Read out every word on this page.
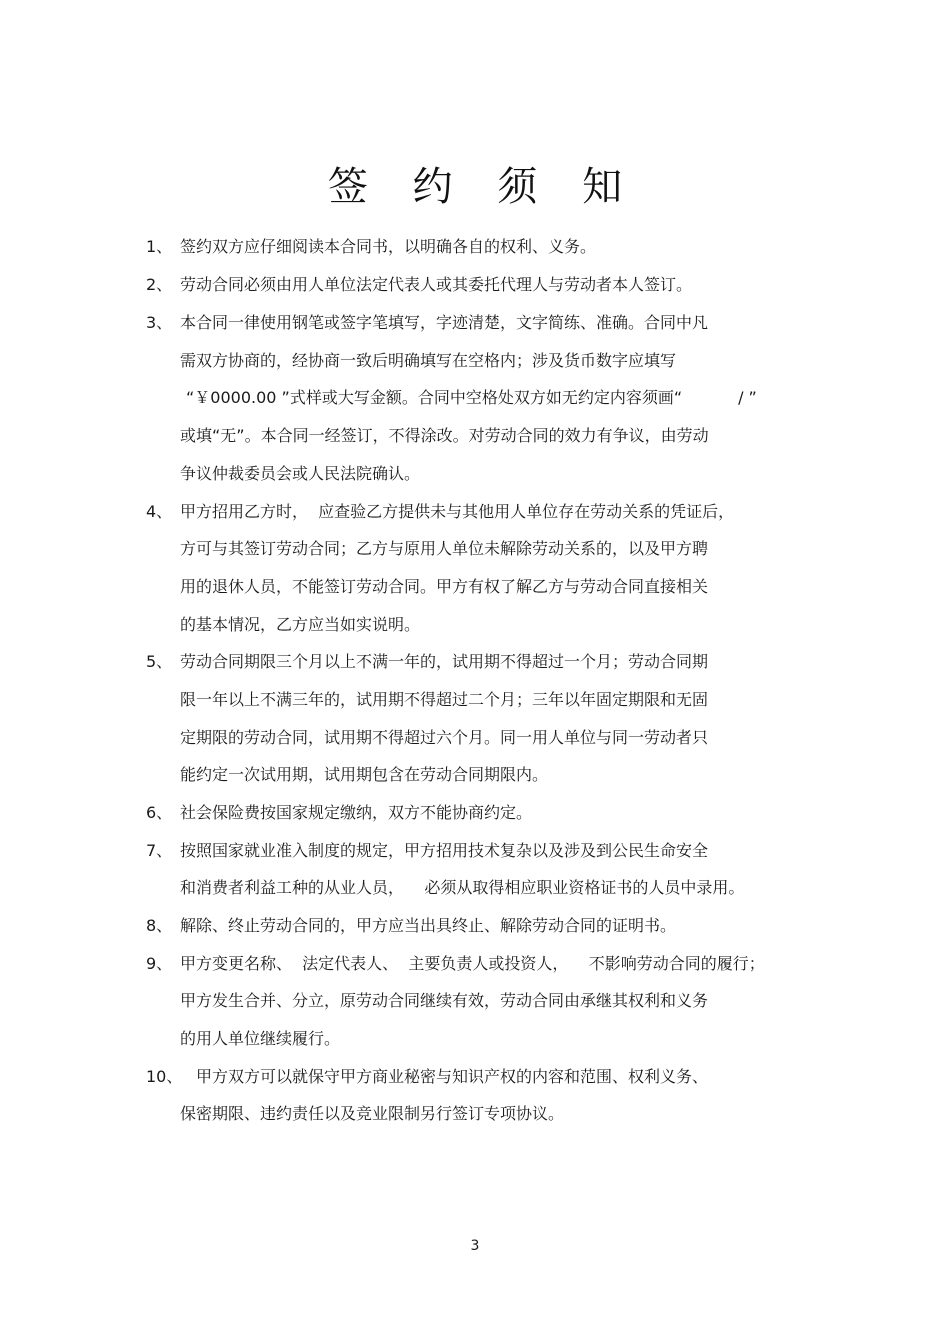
签 约 须 知
1、 签约双方应仔细阅读本合同书，以明确各自的权利、义务。
2、 劳动合同必须由用人单位法定代表人或其委托代理人与劳动者本人签订。
3、 本合同一律使用钢笔或签字笔填写，字迹清楚，文字简练、准确。合同中凡
需双方协商的，经协商一致后明确填写在空格内；涉及货币数字应填写
“￥0000.00 ”式样或大写金额。合同中空格处双方如无约定内容须画“           / ”
或填“无”。本合同一经签订，不得涂改。对劳动合同的效力有争议，由劳动
争议仲裁委员会或人民法院确认。
4、 甲方招用乙方时，  应查验乙方提供未与其他用人单位存在劳动关系的凭证后，
方可与其签订劳动合同；乙方与原用人单位未解除劳动关系的，以及甲方聘
用的退休人员，不能签订劳动合同。甲方有权了解乙方与劳动合同直接相关
的基本情况，乙方应当如实说明。
5、 劳动合同期限三个月以上不满一年的，试用期不得超过一个月；劳动合同期
限一年以上不满三年的，试用期不得超过二个月；三年以年固定期限和无固
定期限的劳动合同，试用期不得超过六个月。同一用人单位与同一劳动者只
能约定一次试用期，试用期包含在劳动合同期限内。
6、 社会保险费按国家规定缴纳，双方不能协商约定。
7、 按照国家就业准入制度的规定，甲方招用技术复杂以及涉及到公民生命安全
和消费者利益工种的从业人员，    必须从取得相应职业资格证书的人员中录用。
8、 解除、终止劳动合同的，甲方应当出具终止、解除劳动合同的证明书。
9、 甲方变更名称、  法定代表人、  主要负责人或投资人，    不影响劳动合同的履行；
甲方发生合并、分立，原劳动合同继续有效，劳动合同由承继其权利和义务
的用人单位继续履行。
10、 甲方双方可以就保守甲方商业秘密与知识产权的内容和范围、权利义务、
保密期限、违约责任以及竞业限制另行签订专项协议。
3
